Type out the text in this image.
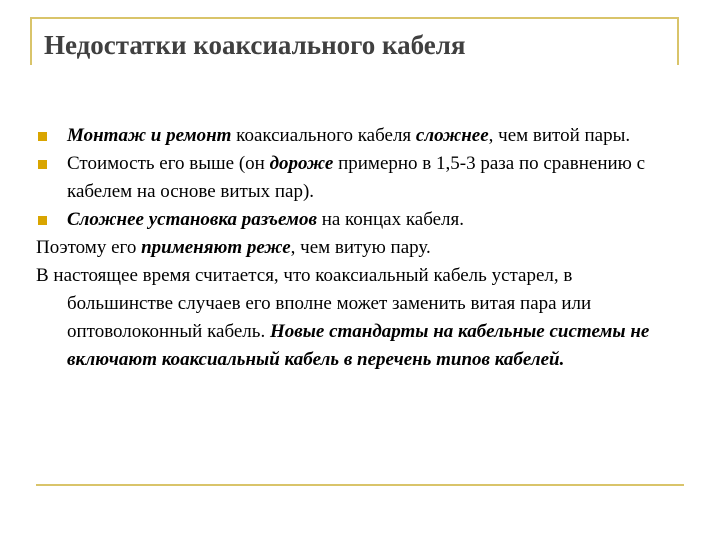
Недостатки коаксиального кабеля
Монтаж и ремонт коаксиального кабеля сложнее, чем витой пары.
Стоимость его выше (он дороже примерно в 1,5-3 раза по сравнению с кабелем на основе витых пар).
Сложнее установка разъемов на концах кабеля.
Поэтому его применяют реже, чем витую пару.
В настоящее время считается, что коаксиальный кабель устарел, в большинстве случаев его вполне может заменить витая пара или оптоволоконный кабель. Новые стандарты на кабельные системы не включают коаксиальный кабель в перечень типов кабелей.
